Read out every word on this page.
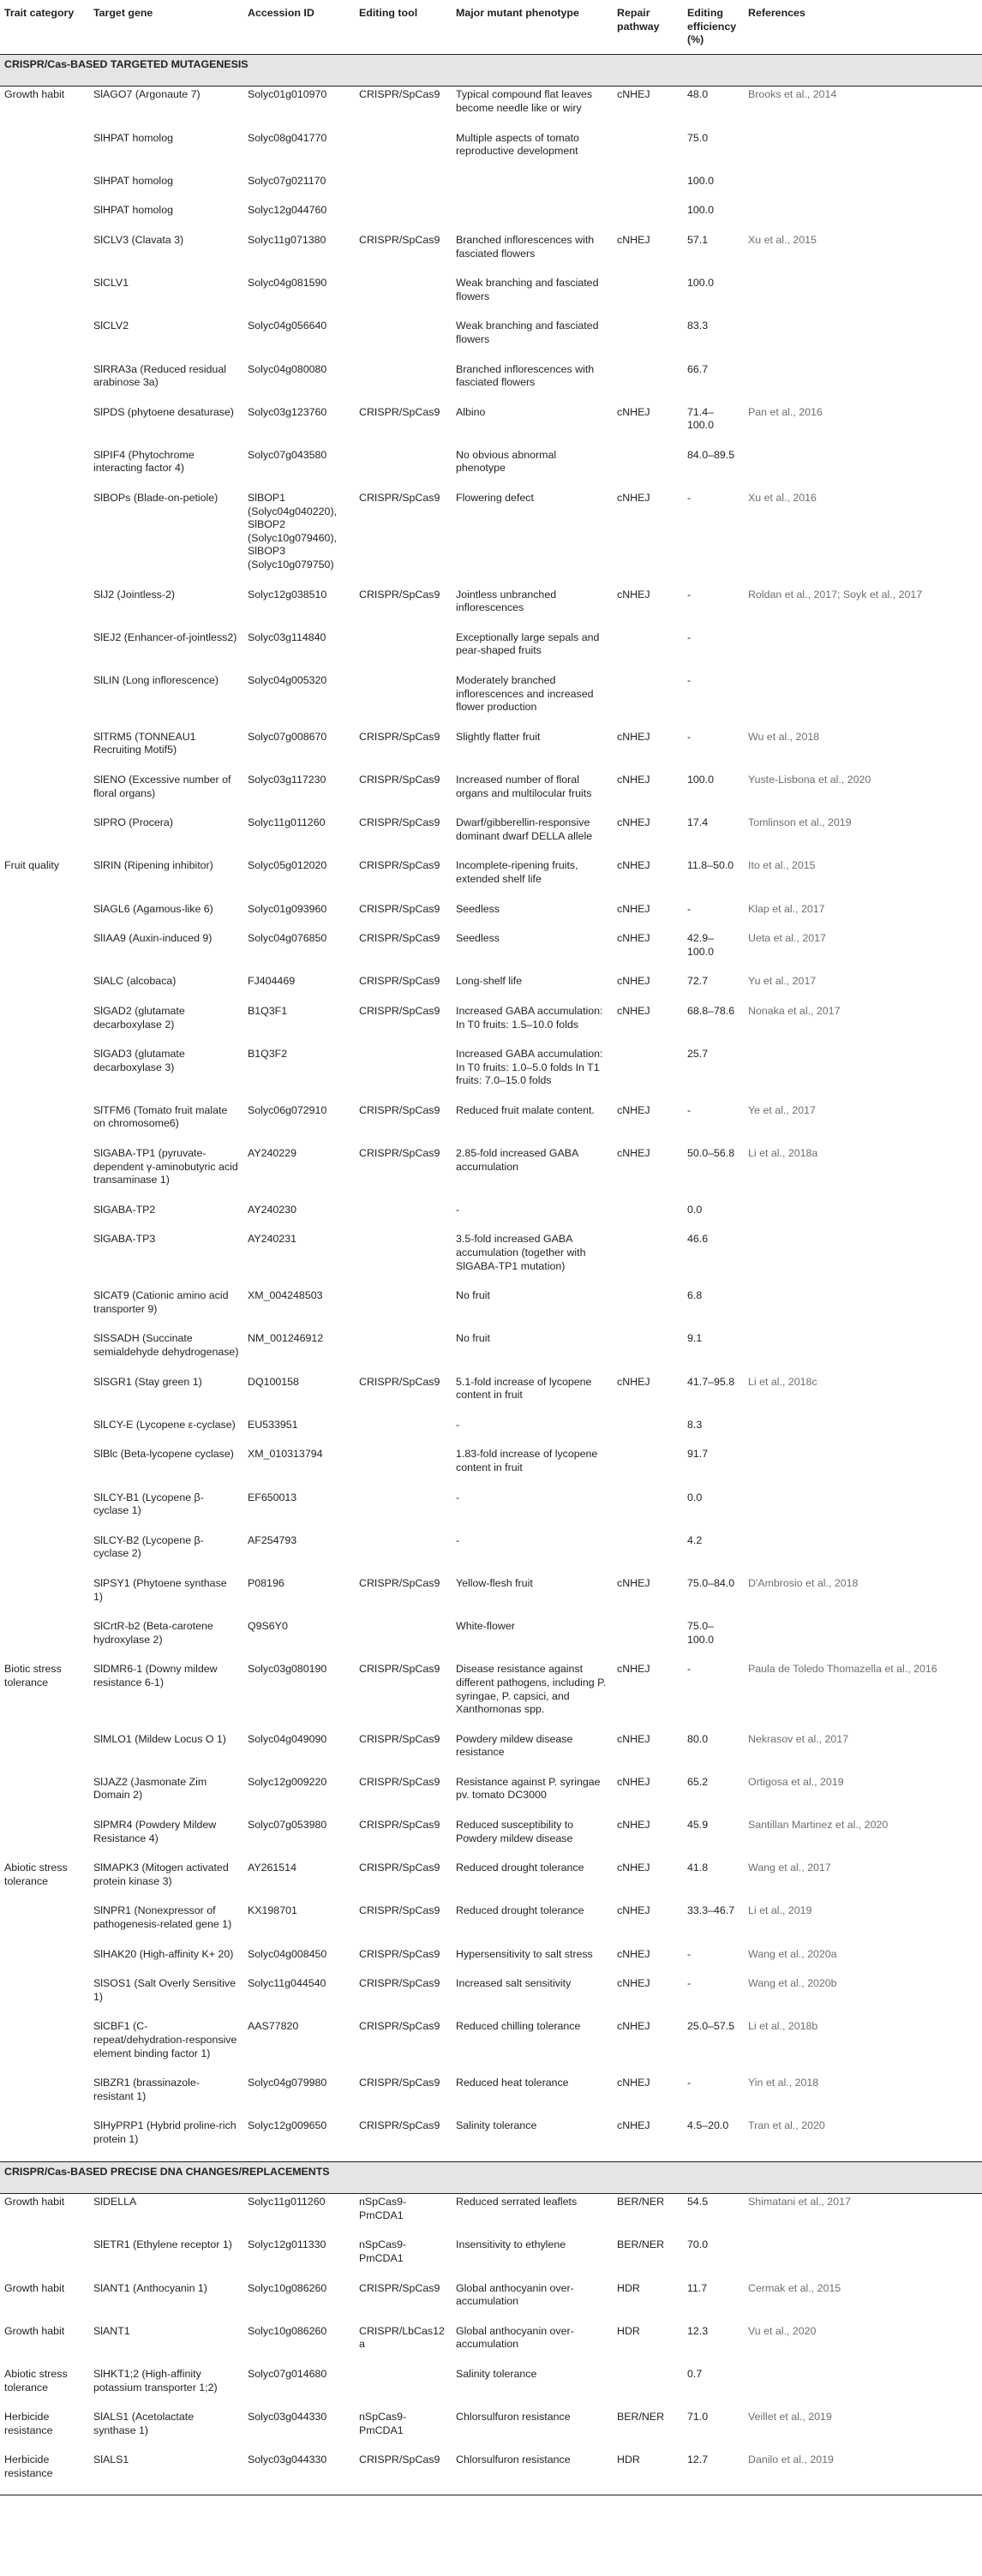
Trait category	Target gene	Accession ID	Editing tool	Major mutant phenotype	Repair pathway	Editing efficiency (%)	References
CRISPR/Cas-BASED TARGETED MUTAGENESIS							
Growth habit	SlAGO7 (Argonaute 7)	Solyc01g010970	CRISPR/SpCas9	Typical compound flat leaves become needle like or wiry	cNHEJ	48.0	Brooks et al., 2014
	SlHPAT homolog	Solyc08g041770		Multiple aspects of tomato reproductive development		75.0	
	SlHPAT homolog	Solyc07g021170				100.0	
	SlHPAT homolog	Solyc12g044760				100.0	
	SlCLV3 (Clavata 3)	Solyc11g071380	CRISPR/SpCas9	Branched inflorescences with fasciated flowers	cNHEJ	57.1	Xu et al., 2015
	SlCLV1	Solyc04g081590		Weak branching and fasciated flowers		100.0	
	SlCLV2	Solyc04g056640		Weak branching and fasciated flowers		83.3	
	SlRRA3a (Reduced residual arabinose 3a)	Solyc04g080080		Branched inflorescences with fasciated flowers		66.7	
	SlPDS (phytoene desaturase)	Solyc03g123760	CRISPR/SpCas9	Albino	cNHEJ	71.4–100.0	Pan et al., 2016
	SlPIF4 (Phytochrome interacting factor 4)	Solyc07g043580		No obvious abnormal phenotype		84.0–89.5	
	SlBOPs (Blade-on-petiole)	SlBOP1 (Solyc04g040220), SlBOP2 (Solyc10g079460), SlBOP3 (Solyc10g079750)	CRISPR/SpCas9	Flowering defect	cNHEJ	-	Xu et al., 2016
	SlJ2 (Jointless-2)	Solyc12g038510	CRISPR/SpCas9	Jointless unbranched inflorescences	cNHEJ	-	Roldan et al., 2017; Soyk et al., 2017
	SlEJ2 (Enhancer-of-jointless2)	Solyc03g114840		Exceptionally large sepals and pear-shaped fruits		-	
	SlLIN (Long inflorescence)	Solyc04g005320		Moderately branched inflorescences and increased flower production		-	
	SlTRM5 (TONNEAU1 Recruiting Motif5)	Solyc07g008670	CRISPR/SpCas9	Slightly flatter fruit	cNHEJ	-	Wu et al., 2018
	SlENO (Excessive number of floral organs)	Solyc03g117230	CRISPR/SpCas9	Increased number of floral organs and multilocular fruits	cNHEJ	100.0	Yuste-Lisbona et al., 2020
	SlPRO (Procera)	Solyc11g011260	CRISPR/SpCas9	Dwarf/gibberellin-responsive dominant dwarf DELLA allele	cNHEJ	17.4	Tomlinson et al., 2019
Fruit quality	SlRIN (Ripening inhibitor)	Solyc05g012020	CRISPR/SpCas9	Incomplete-ripening fruits, extended shelf life	cNHEJ	11.8–50.0	Ito et al., 2015
	SlAGL6 (Agamous-like 6)	Solyc01g093960	CRISPR/SpCas9	Seedless	cNHEJ	-	Klap et al., 2017
	SlIAA9 (Auxin-induced 9)	Solyc04g076850	CRISPR/SpCas9	Seedless	cNHEJ	42.9–100.0	Ueta et al., 2017
	SlALC (alcobaca)	FJ404469	CRISPR/SpCas9	Long-shelf life	cNHEJ	72.7	Yu et al., 2017
	SlGAD2 (glutamate decarboxylase 2)	B1Q3F1	CRISPR/SpCas9	Increased GABA accumulation: In T0 fruits: 1.5–10.0 folds	cNHEJ	68.8–78.6	Nonaka et al., 2017
	SlGAD3 (glutamate decarboxylase 3)	B1Q3F2		Increased GABA accumulation: In T0 fruits: 1.0–5.0 folds In T1 fruits: 7.0–15.0 folds		25.7	
	SlTFM6 (Tomato fruit malate on chromosome6)	Solyc06g072910	CRISPR/SpCas9	Reduced fruit malate content.	cNHEJ	-	Ye et al., 2017
	SlGABA-TP1 (pyruvate-dependent γ-aminobutyric acid transaminase 1)	AY240229	CRISPR/SpCas9	2.85-fold increased GABA accumulation	cNHEJ	50.0–56.8	Li et al., 2018a
	SlGABA-TP2	AY240230		-		0.0	
	SlGABA-TP3	AY240231		3.5-fold increased GABA accumulation (together with SlGABA-TP1 mutation)		46.6	
	SlCAT9 (Cationic amino acid transporter 9)	XM_004248503		No fruit		6.8	
	SlSSADH (Succinate semialdehyde dehydrogenase)	NM_001246912		No fruit		9.1	
	SlSGR1 (Stay green 1)	DQ100158	CRISPR/SpCas9	5.1-fold increase of lycopene content in fruit	cNHEJ	41.7–95.8	Li et al., 2018c
	SlLCY-E (Lycopene ε-cyclase)	EU533951		-		8.3	
	SlBlc (Beta-lycopene cyclase)	XM_010313794		1.83-fold increase of lycopene content in fruit		91.7	
	SlLCY-B1 (Lycopene β-cyclase 1)	EF650013		-		0.0	
	SlLCY-B2 (Lycopene β-cyclase 2)	AF254793		-		4.2	
	SlPSY1 (Phytoene synthase 1)	P08196	CRISPR/SpCas9	Yellow-flesh fruit	cNHEJ	75.0–84.0	D'Ambrosio et al., 2018
	SlCrtR-b2 (Beta-carotene hydroxylase 2)	Q9S6Y0		White-flower		75.0–100.0	
Biotic stress tolerance	SlDMR6-1 (Downy mildew resistance 6-1)	Solyc03g080190	CRISPR/SpCas9	Disease resistance against different pathogens, including P. syringae, P. capsici, and Xanthomonas spp.	cNHEJ	-	Paula de Toledo Thomazella et al., 2016
	SlMLO1 (Mildew Locus O 1)	Solyc04g049090	CRISPR/SpCas9	Powdery mildew disease resistance	cNHEJ	80.0	Nekrasov et al., 2017
	SlJAZ2 (Jasmonate Zim Domain 2)	Solyc12g009220	CRISPR/SpCas9	Resistance against P. syringae pv. tomato DC3000	cNHEJ	65.2	Ortigosa et al., 2019
	SlPMR4 (Powdery Mildew Resistance 4)	Solyc07g053980	CRISPR/SpCas9	Reduced susceptibility to Powdery mildew disease	cNHEJ	45.9	Santillan Martinez et al., 2020
Abiotic stress tolerance	SlMAPK3 (Mitogen activated protein kinase 3)	AY261514	CRISPR/SpCas9	Reduced drought tolerance	cNHEJ	41.8	Wang et al., 2017
	SlNPR1 (Nonexpressor of pathogenesis-related gene 1)	KX198701	CRISPR/SpCas9	Reduced drought tolerance	cNHEJ	33.3–46.7	Li et al., 2019
	SlHAK20 (High-affinity K+ 20)	Solyc04g008450	CRISPR/SpCas9	Hypersensitivity to salt stress	cNHEJ	-	Wang et al., 2020a
	SlSOS1 (Salt Overly Sensitive 1)	Solyc11g044540	CRISPR/SpCas9	Increased salt sensitivity	cNHEJ	-	Wang et al., 2020b
	SlCBF1 (C-repeat/dehydration-responsive element binding factor 1)	AAS77820	CRISPR/SpCas9	Reduced chilling tolerance	cNHEJ	25.0–57.5	Li et al., 2018b
	SlBZR1 (brassinazole-resistant 1)	Solyc04g079980	CRISPR/SpCas9	Reduced heat tolerance	cNHEJ	-	Yin et al., 2018
	SlHyPRP1 (Hybrid proline-rich protein 1)	Solyc12g009650	CRISPR/SpCas9	Salinity tolerance	cNHEJ	4.5–20.0	Tran et al., 2020
CRISPR/Cas-BASED PRECISE DNA CHANGES/REPLACEMENTS							
Growth habit	SlDELLA	Solyc11g011260	nSpCas9-PmCDA1	Reduced serrated leaflets	BER/NER	54.5	Shimatani et al., 2017
	SlETR1 (Ethylene receptor 1)	Solyc12g011330	nSpCas9-PmCDA1	Insensitivity to ethylene	BER/NER	70.0	
Growth habit	SlANT1 (Anthocyanin 1)	Solyc10g086260	CRISPR/SpCas9	Global anthocyanin over-accumulation	HDR	11.7	Cermak et al., 2015
Growth habit	SlANT1	Solyc10g086260	CRISPR/LbCas12a	Global anthocyanin over-accumulation	HDR	12.3	Vu et al., 2020
Abiotic stress tolerance	SlHKT1;2 (High-affinity potassium transporter 1;2)	Solyc07g014680		Salinity tolerance		0.7	
Herbicide resistance	SlALS1 (Acetolactate synthase 1)	Solyc03g044330	nSpCas9-PmCDA1	Chlorsulfuron resistance	BER/NER	71.0	Veillet et al., 2019
Herbicide resistance	SlALS1	Solyc03g044330	CRISPR/SpCas9	Chlorsulfuron resistance	HDR	12.7	Danilo et al., 2019
